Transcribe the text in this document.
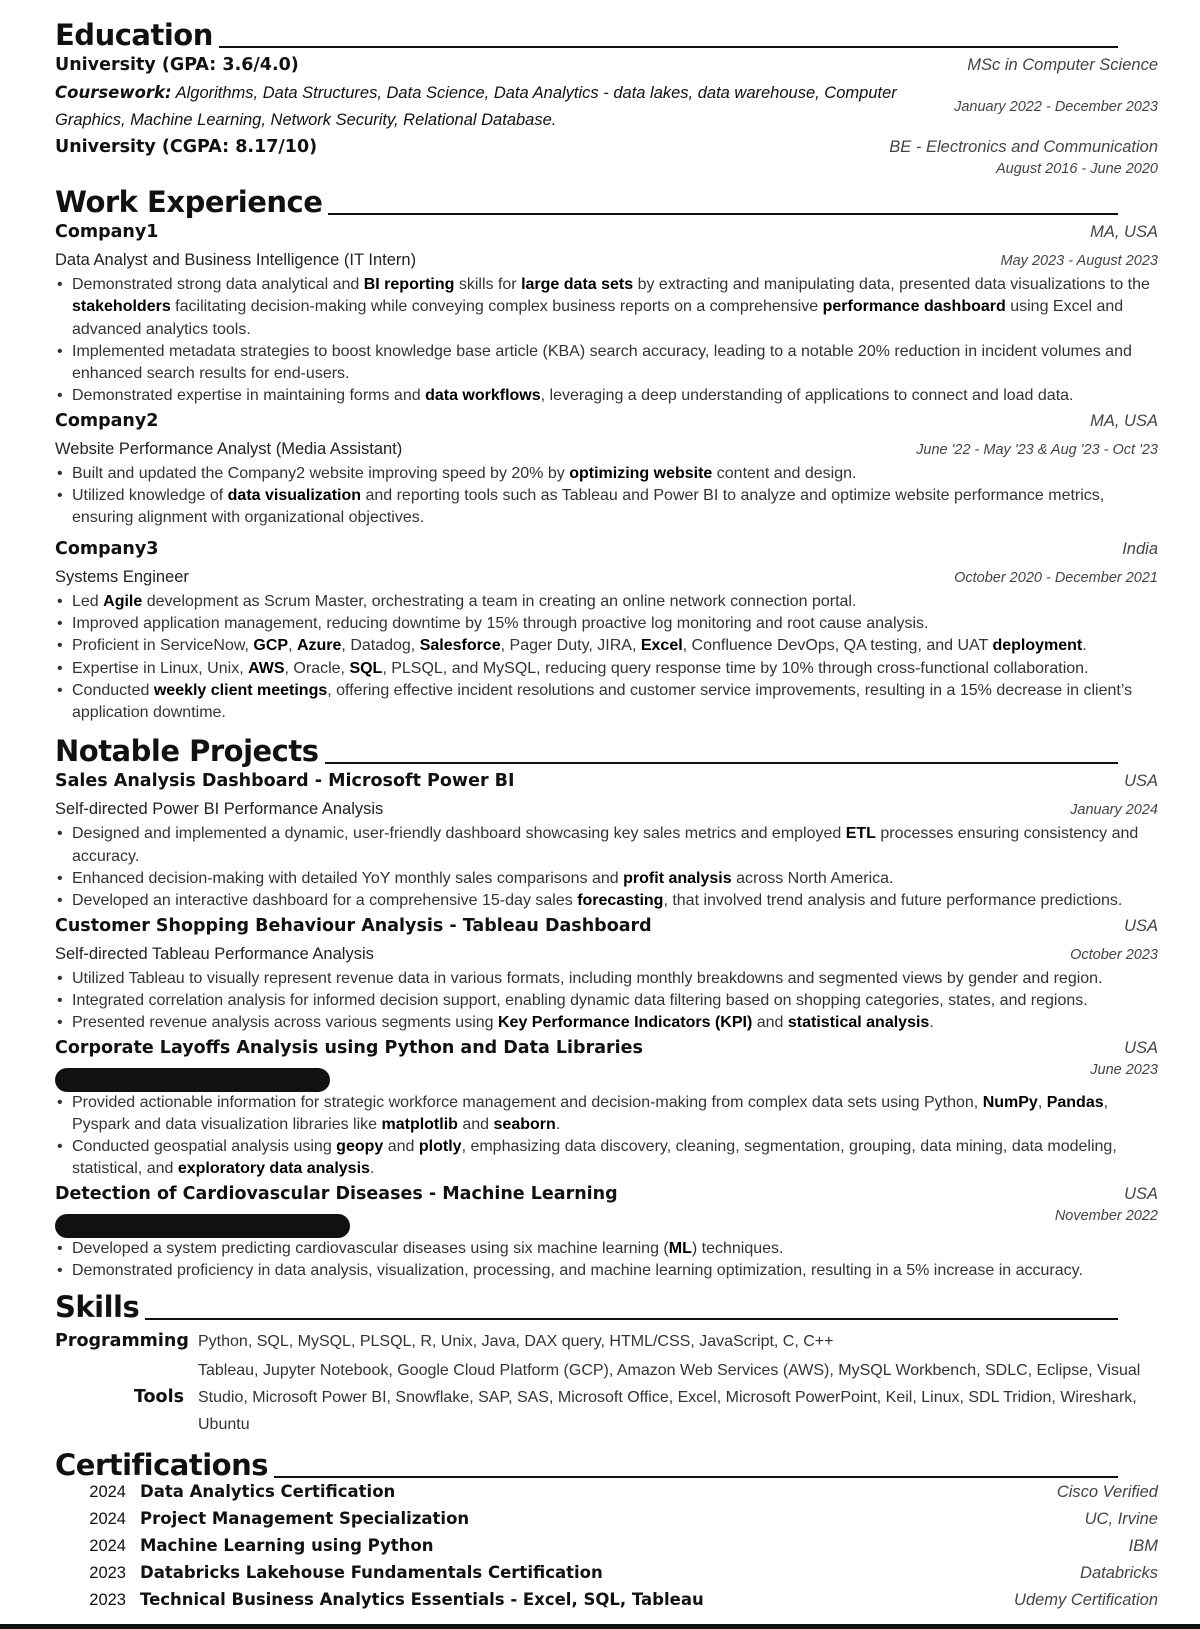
Education
University (GPA: 3.6/4.0)	MSc in Computer Science
Coursework: Algorithms, Data Structures, Data Science, Data Analytics - data lakes, data warehouse, Computer Graphics, Machine Learning, Network Security, Relational Database.
January 2022 - December 2023
University (CGPA: 8.17/10)	BE - Electronics and Communication
August 2016 - June 2020
Work Experience
Company1	MA, USA
Data Analyst and Business Intelligence (IT Intern)	May 2023 - August 2023
• Demonstrated strong data analytical and BI reporting skills for large data sets by extracting and manipulating data, presented data visualizations to the stakeholders facilitating decision-making while conveying complex business reports on a comprehensive performance dashboard using Excel and advanced analytics tools.
• Implemented metadata strategies to boost knowledge base article (KBA) search accuracy, leading to a notable 20% reduction in incident volumes and enhanced search results for end-users.
• Demonstrated expertise in maintaining forms and data workflows, leveraging a deep understanding of applications to connect and load data.
Company2	MA, USA
Website Performance Analyst (Media Assistant)	June '22 - May '23 & Aug '23 - Oct '23
• Built and updated the Company2 website improving speed by 20% by optimizing website content and design.
• Utilized knowledge of data visualization and reporting tools such as Tableau and Power BI to analyze and optimize website performance metrics, ensuring alignment with organizational objectives.
Company3	India
Systems Engineer	October 2020 - December 2021
• Led Agile development as Scrum Master, orchestrating a team in creating an online network connection portal.
• Improved application management, reducing downtime by 15% through proactive log monitoring and root cause analysis.
• Proficient in ServiceNow, GCP, Azure, Datadog, Salesforce, Pager Duty, JIRA, Excel, Confluence DevOps, QA testing, and UAT deployment.
• Expertise in Linux, Unix, AWS, Oracle, SQL, PLSQL, and MySQL, reducing query response time by 10% through cross-functional collaboration.
• Conducted weekly client meetings, offering effective incident resolutions and customer service improvements, resulting in a 15% decrease in client’s application downtime.
Notable Projects
Sales Analysis Dashboard - Microsoft Power BI	USA
Self-directed Power BI Performance Analysis	January 2024
• Designed and implemented a dynamic, user-friendly dashboard showcasing key sales metrics and employed ETL processes ensuring consistency and accuracy.
• Enhanced decision-making with detailed YoY monthly sales comparisons and profit analysis across North America.
• Developed an interactive dashboard for a comprehensive 15-day sales forecasting, that involved trend analysis and future performance predictions.
Customer Shopping Behaviour Analysis - Tableau Dashboard	USA
Self-directed Tableau Performance Analysis	October 2023
• Utilized Tableau to visually represent revenue data in various formats, including monthly breakdowns and segmented views by gender and region.
• Integrated correlation analysis for informed decision support, enabling dynamic data filtering based on shopping categories, states, and regions.
• Presented revenue analysis across various segments using Key Performance Indicators (KPI) and statistical analysis.
Corporate Layoffs Analysis using Python and Data Libraries	USA
June 2023
• Provided actionable information for strategic workforce management and decision-making from complex data sets using Python, NumPy, Pandas, Pyspark and data visualization libraries like matplotlib and seaborn.
• Conducted geospatial analysis using geopy and plotly, emphasizing data discovery, cleaning, segmentation, grouping, data mining, data modeling, statistical, and exploratory data analysis.
Detection of Cardiovascular Diseases - Machine Learning	USA
November 2022
• Developed a system predicting cardiovascular diseases using six machine learning (ML) techniques.
• Demonstrated proficiency in data analysis, visualization, processing, and machine learning optimization, resulting in a 5% increase in accuracy.
Skills
Programming Python, SQL, MySQL, PLSQL, R, Unix, Java, DAX query, HTML/CSS, JavaScript, C, C++
Tools
Tableau, Jupyter Notebook, Google Cloud Platform (GCP), Amazon Web Services (AWS), MySQL Workbench, SDLC, Eclipse, Visual Studio, Microsoft Power BI, Snowflake, SAP, SAS, Microsoft Office, Excel, Microsoft PowerPoint, Keil, Linux, SDL Tridion, Wireshark, Ubuntu
Certifications
2024 Data Analytics Certification	Cisco Verified
2024 Project Management Specialization	UC, Irvine
2024 Machine Learning using Python	IBM
2023 Databricks Lakehouse Fundamentals Certification	Databricks
2023 Technical Business Analytics Essentials - Excel, SQL, Tableau	Udemy Certification
